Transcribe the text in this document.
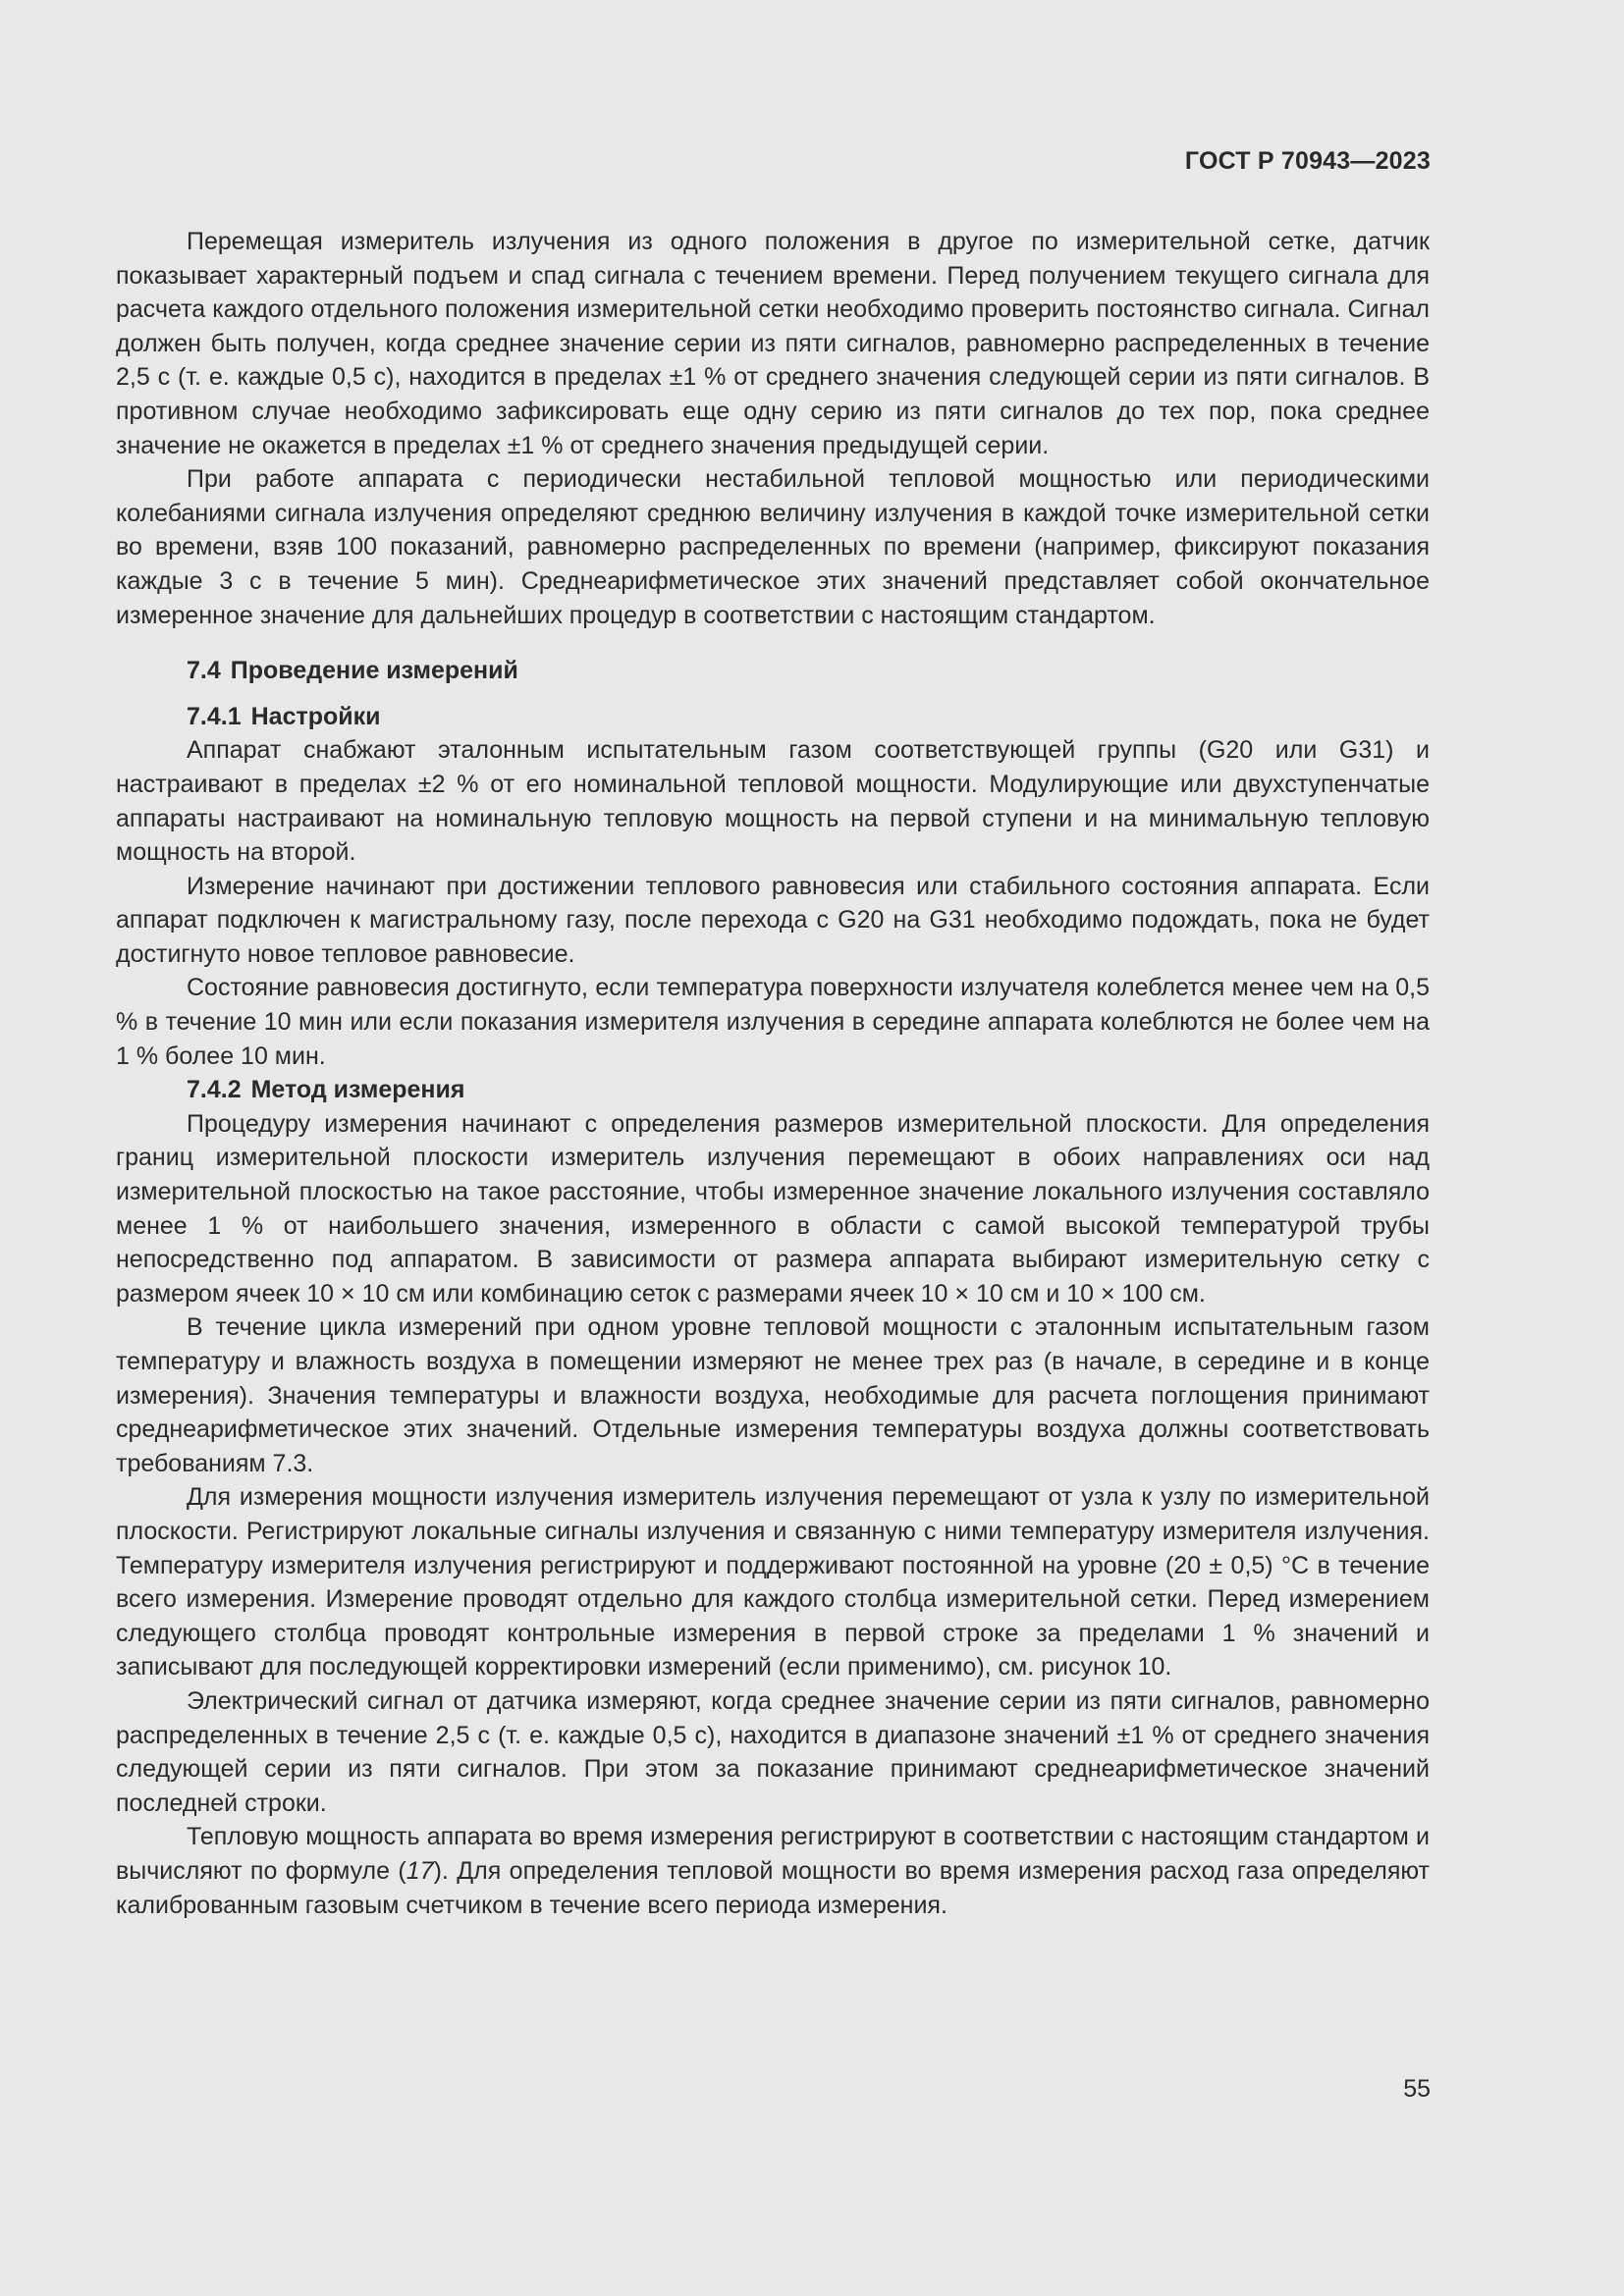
ГОСТ Р 70943—2023

Перемещая измеритель излучения из одного положения в другое по измерительной сетке, датчик показывает характерный подъем и спад сигнала с течением времени. Перед получением текущего сигнала для расчета каждого отдельного положения измерительной сетки необходимо проверить постоянство сигнала. Сигнал должен быть получен, когда среднее значение серии из пяти сигналов, равномерно распределенных в течение 2,5 с (т. е. каждые 0,5 с), находится в пределах ±1 % от среднего значения следующей серии из пяти сигналов. В противном случае необходимо зафиксировать еще одну серию из пяти сигналов до тех пор, пока среднее значение не окажется в пределах ±1 % от среднего значения предыдущей серии.

При работе аппарата с периодически нестабильной тепловой мощностью или периодическими колебаниями сигнала излучения определяют среднюю величину излучения в каждой точке измерительной сетки во времени, взяв 100 показаний, равномерно распределенных по времени (например, фиксируют показания каждые 3 с в течение 5 мин). Среднеарифметическое этих значений представляет собой окончательное измеренное значение для дальнейших процедур в соответствии с настоящим стандартом.

7.4 Проведение измерений
7.4.1 Настройки

Аппарат снабжают эталонным испытательным газом соответствующей группы (G20 или G31) и настраивают в пределах ±2 % от его номинальной тепловой мощности. Модулирующие или двухступенчатые аппараты настраивают на номинальную тепловую мощность на первой ступени и на минимальную тепловую мощность на второй.

Измерение начинают при достижении теплового равновесия или стабильного состояния аппарата. Если аппарат подключен к магистральному газу, после перехода с G20 на G31 необходимо подождать, пока не будет достигнуто новое тепловое равновесие.

Состояние равновесия достигнуто, если температура поверхности излучателя колеблется менее чем на 0,5 % в течение 10 мин или если показания измерителя излучения в середине аппарата колеблются не более чем на 1 % более 10 мин.

7.4.2 Метод измерения

Процедуру измерения начинают с определения размеров измерительной плоскости. Для определения границ измерительной плоскости измеритель излучения перемещают в обоих направлениях оси над измерительной плоскостью на такое расстояние, чтобы измеренное значение локального излучения составляло менее 1 % от наибольшего значения, измеренного в области с самой высокой температурой трубы непосредственно под аппаратом. В зависимости от размера аппарата выбирают измерительную сетку с размером ячеек 10 × 10 см или комбинацию сеток с размерами ячеек 10 × 10 см и 10 × 100 см.

В течение цикла измерений при одном уровне тепловой мощности с эталонным испытательным газом температуру и влажность воздуха в помещении измеряют не менее трех раз (в начале, в середине и в конце измерения). Значения температуры и влажности воздуха, необходимые для расчета поглощения принимают среднеарифметическое этих значений. Отдельные измерения температуры воздуха должны соответствовать требованиям 7.3.

Для измерения мощности излучения измеритель излучения перемещают от узла к узлу по измерительной плоскости. Регистрируют локальные сигналы излучения и связанную с ними температуру измерителя излучения. Температуру измерителя излучения регистрируют и поддерживают постоянной на уровне (20 ± 0,5) °С в течение всего измерения. Измерение проводят отдельно для каждого столбца измерительной сетки. Перед измерением следующего столбца проводят контрольные измерения в первой строке за пределами 1 % значений и записывают для последующей корректировки измерений (если применимо), см. рисунок 10.

Электрический сигнал от датчика измеряют, когда среднее значение серии из пяти сигналов, равномерно распределенных в течение 2,5 с (т. е. каждые 0,5 с), находится в диапазоне значений ±1 % от среднего значения следующей серии из пяти сигналов. При этом за показание принимают среднеарифметическое значений последней строки.

Тепловую мощность аппарата во время измерения регистрируют в соответствии с настоящим стандартом и вычисляют по формуле (17). Для определения тепловой мощности во время измерения расход газа определяют калиброванным газовым счетчиком в течение всего периода измерения.

55
